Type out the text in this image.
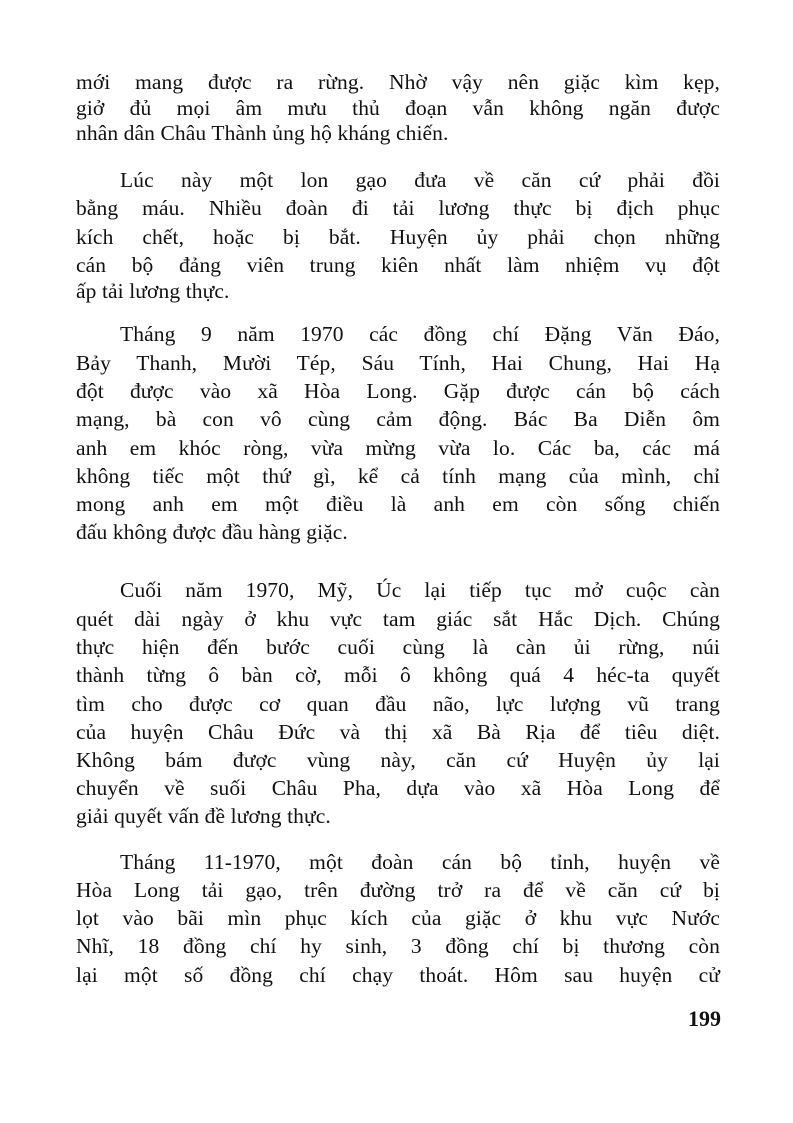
mới mang được ra rừng. Nhờ vậy nên giặc kìm kẹp,
giở đủ mọi âm mưu thủ đoạn vẫn không ngăn được
nhân dân Châu Thành ủng hộ kháng chiến.
Lúc này một lon gạo đưa về căn cứ phải đồi
bằng máu. Nhiều đoàn đi tải lương thực bị địch phục
kích chết, hoặc bị bắt. Huyện ủy phải chọn những
cán bộ đảng viên trung kiên nhất làm nhiệm vụ đột
ấp tải lương thực.
Tháng 9 năm 1970 các đồng chí Đặng Văn Đáo,
Bảy Thanh, Mười Tép, Sáu Tính, Hai Chung, Hai Hạ
đột được vào xã Hòa Long. Gặp được cán bộ cách
mạng, bà con vô cùng cảm động. Bác Ba Diễn ôm
anh em khóc ròng, vừa mừng vừa lo. Các ba, các má
không tiếc một thứ gì, kể cả tính mạng của mình, chỉ
mong anh em một điều là anh em còn sống chiến
đấu không được đầu hàng giặc.
Cuối năm 1970, Mỹ, Úc lại tiếp tục mở cuộc càn
quét dài ngày ở khu vực tam giác sắt Hắc Dịch. Chúng
thực hiện đến bước cuối cùng là càn ủi rừng, núi
thành từng ô bàn cờ, mỗi ô không quá 4 héc-ta quyết
tìm cho được cơ quan đầu não, lực lượng vũ trang
của huyện Châu Đức và thị xã Bà Rịa để tiêu diệt.
Không bám được vùng này, căn cứ Huyện ủy lại
chuyển về suối Châu Pha, dựa vào xã Hòa Long để
giải quyết vấn đề lương thực.
Tháng 11-1970, một đoàn cán bộ tỉnh, huyện về
Hòa Long tải gạo, trên đường trở ra để về căn cứ bị
lọt vào bãi mìn phục kích của giặc ở khu vực Nước
Nhĩ, 18 đồng chí hy sinh, 3 đồng chí bị thương còn
lại một số đồng chí chạy thoát. Hôm sau huyện cử
199
